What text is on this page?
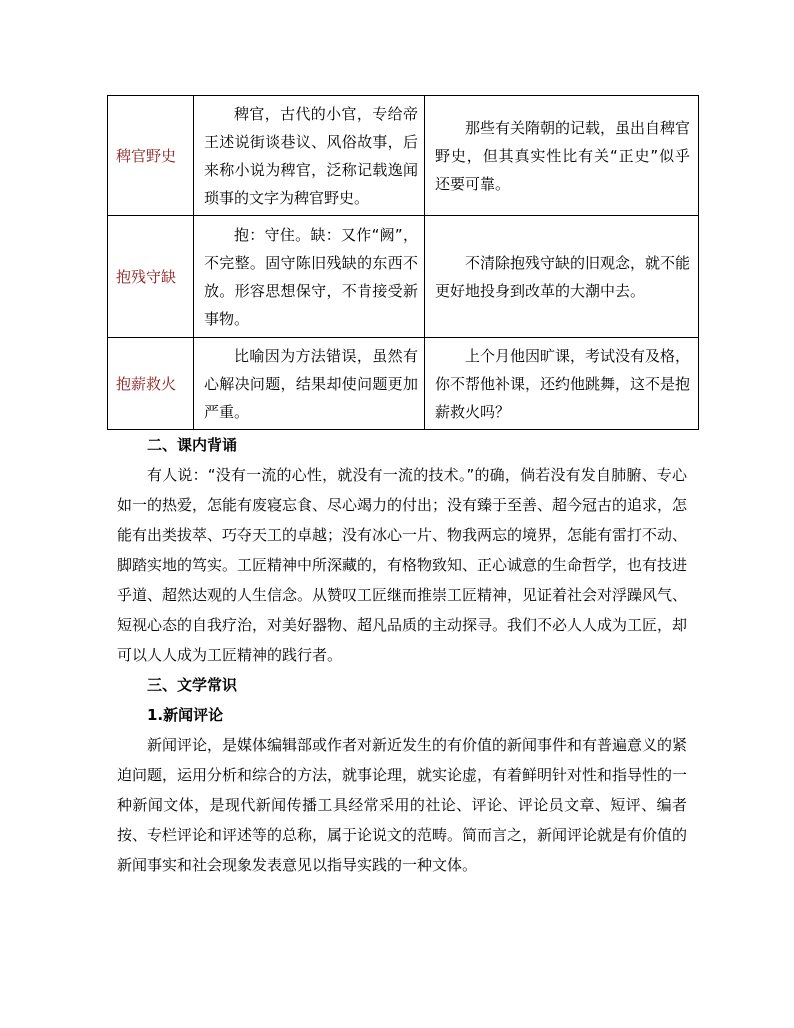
稗官野史	稗官，古代的小官，专给帝王述说街谈巷议、风俗故事，后来称小说为稗官，泛称记载逸闻琐事的文字为稗官野史。	那些有关隋朝的记载，虽出自稗官野史，但其真实性比有关“正史”似乎还要可靠。
抱残守缺	抱：守住。缺：又作“阙”，不完整。固守陈旧残缺的东西不放。形容思想保守，不肯接受新事物。	不清除抱残守缺的旧观念，就不能更好地投身到改革的大潮中去。
抱薪救火	比喻因为方法错误，虽然有心解决问题，结果却使问题更加严重。	上个月他因旷课，考试没有及格，你不帮他补课，还约他跳舞，这不是抱薪救火吗？

二、课内背诵

有人说：“没有一流的心性，就没有一流的技术。”的确，倘若没有发自肺腑、专心如一的热爱，怎能有废寝忘食、尽心竭力的付出；没有臻于至善、超今冠古的追求，怎能有出类拔萃、巧夺天工的卓越；没有冰心一片、物我两忘的境界，怎能有雷打不动、脚踏实地的笃实。工匠精神中所深藏的，有格物致知、正心诚意的生命哲学，也有技进乎道、超然达观的人生信念。从赞叹工匠继而推崇工匠精神，见证着社会对浮躁风气、短视心态的自我疗治，对美好器物、超凡品质的主动探寻。我们不必人人成为工匠，却可以人人成为工匠精神的践行者。

三、文学常识

1.新闻评论

新闻评论，是媒体编辑部或作者对新近发生的有价值的新闻事件和有普遍意义的紧迫问题，运用分析和综合的方法，就事论理，就实论虚，有着鲜明针对性和指导性的一种新闻文体，是现代新闻传播工具经常采用的社论、评论、评论员文章、短评、编者按、专栏评论和评述等的总称，属于论说文的范畴。简而言之，新闻评论就是有价值的新闻事实和社会现象发表意见以指导实践的一种文体。
